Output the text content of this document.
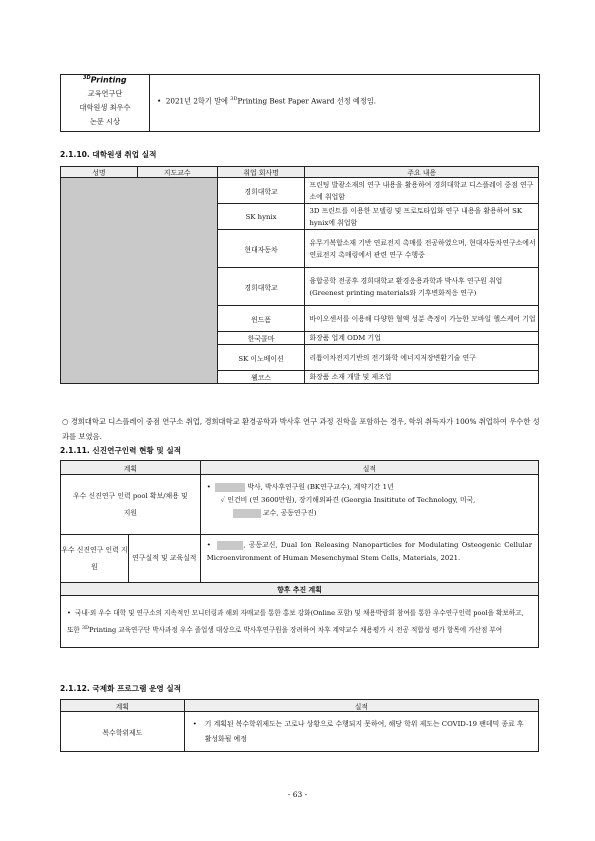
$^{3D}$Printing
교육연구단
대학원생 최우수
논문 시상
• 2021년 2학기 말에 $^{3D}$Printing Best Paper Award 선정 예정임.
2.1.10. 대학원생 취업 실적
성명	지도교수	취업 회사명	주요 내용
		경희대학교	프린팅 발광소재의 연구 내용을 활용하여 경희대학교 디스플레이 중점 연구소에 취업함
		SK hynix	3D 프린트를 이용한 모델링 및 프로토타입화 연구 내용을 활용하여 SK hynix에 취업함
		현대자동차	유무기복합소재 기반 연료전지 촉매를 전공하였으며, 현대자동차연구소에서 연료전지 촉매링에서 관련 연구 수행중
		경희대학교	융합공학 전공후 경희대학교 환경응용과학과 박사후 연구원 취업 (Greenest printing materials와 기후변화적응 연구)
		윈드폼	바이오센서를 이용해 다양한 혈액 성분 측정이 가능한 모바일 헬스케어 기업
		한국콜마	화장품 업계 ODM 기업
		SK 이노베이션	리튬이차전지기반의 전기화학 에너지저장변환기술 연구
		웰코스	화장품 소재 개발 및 제조업
○ 경희대학교 디스플레이 중점 연구소 취업, 경희대학교 환경공학과 박사후 연구 과정 진학을 포함하는 경우, 학위 취득자가 100% 취업하여 우수한 성과를 보였음.
2.1.11. 신진연구인력 현황 및 실적
계획		실적
우수 신진연구 인력 pool 확보/채용 및 지원		• 박사, 박사후연구원 (BK연구교수), 계약기간 1년
✓ 인건비 (연 3600만원), 장기해외파견 (Georgia Insititute of Technology, 미국,
교수, 공동연구진)

우수 신진연구 인력 지원	연구실적 및 교육실적	• , 공동교신, Dual Ion Releasing Nanoparticles for Modulating Osteogenic Cellular Microenvironment of Human Mesenchymal Stem Cells, Materials, 2021.
향후 추진 계획		
•  국내·외 우수 대학 및 연구소의 지속적인 모니터링과 해외 자매교를 통한 홍보 강화(Online 포함) 및 채용박람회 참여를 통한 우수연구인력 pool을 확보하고, 또한 $^{3D}$Printing 교육연구단 박사과정 우수 졸업생 대상으로 박사후연구원을 장려하여 차후 계약교수 채용평가 시 전공 적합성 평가 항목에 가산점 부여		
2.1.12. 국제화 프로그램 운영 실적
계획	실적
복수학위제도	• 기 계획된 복수학위제도는 고로나 상황으로 수행되지 못하여, 해당 학위 제도는 COVID-19 팬데믹 종료 후 활성화될 예정
- 63 -
